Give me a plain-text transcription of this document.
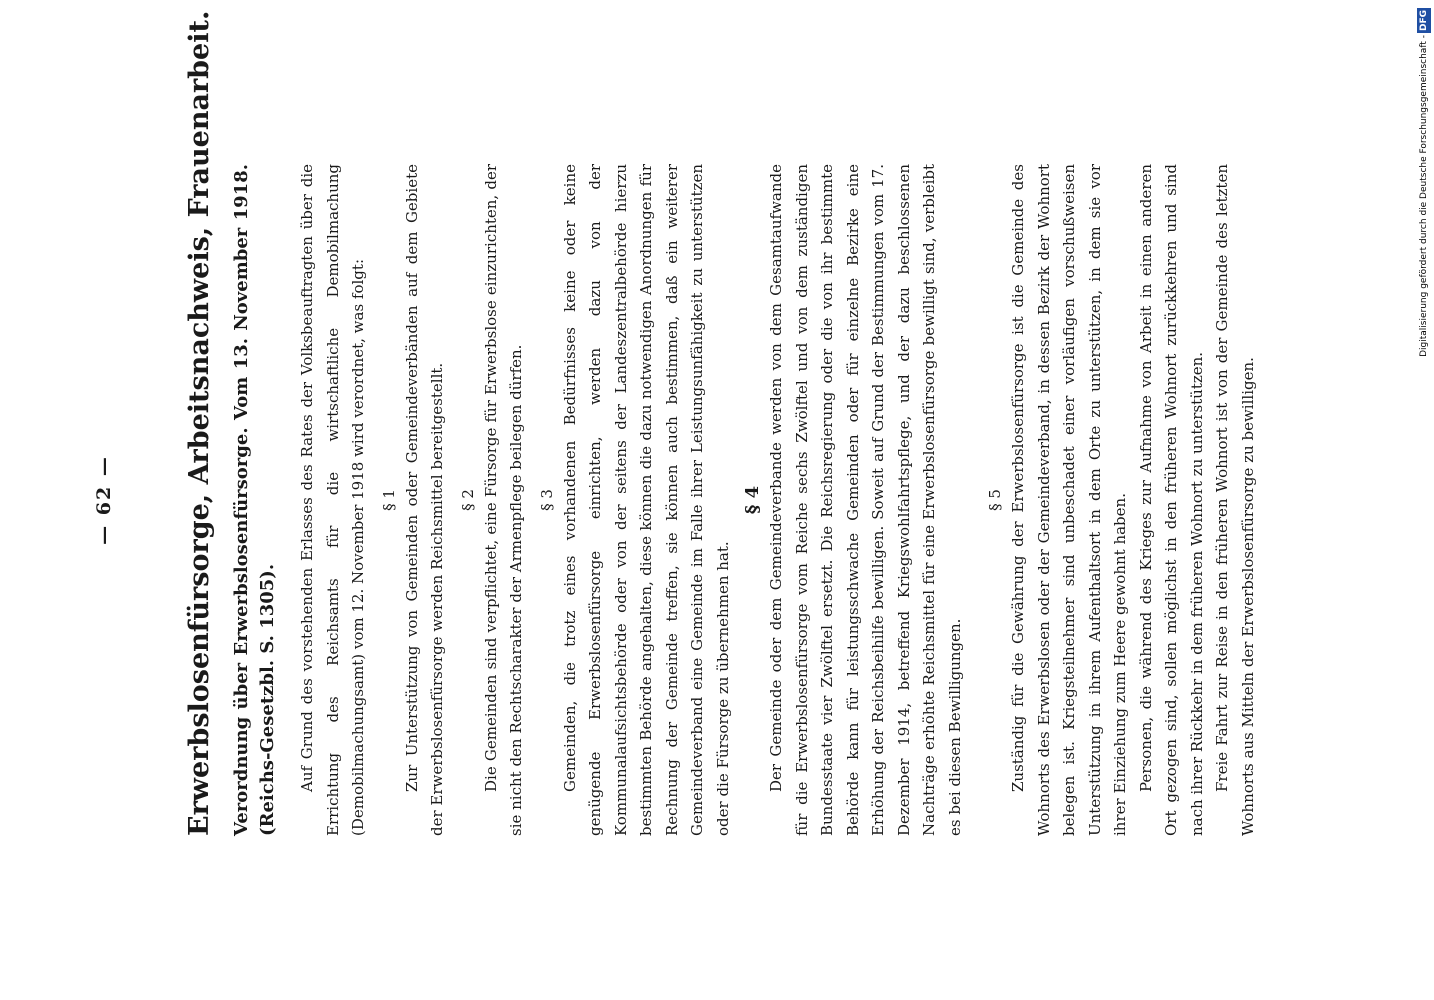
— 62 —	Erwerbslosenfürsorge, Arbeitsnachweis, Frauenarbeit. Verordnung über Erwerbslosenfürsorge. Vom 13. November 1918. (Reichs-Gesetzbl. S. 1305). Auf Grund des vorstehenden Erlasses des Rates der Volksbeauftragten über die Errichtung des Reichsamts für die wirtschaftliche Demobilmachung (Demobilmachungsamt) vom 12. November 1918 wird verordnet, was folgt: § 1 Zur Unterstützung von Gemeinden oder Gemeindeverbänden auf dem Gebiete der Erwerbslosenfürsorge werden Reichsmittel bereitgestellt. § 2 Die Gemeinden sind verpflichtet, eine Fürsorge für Erwerbslose einzurichten, der sie nicht den Rechtscharakter der Armenpflege beilegen dürfen. § 3 Gemeinden, die trotz eines vorhandenen Bedürfnisses keine oder keine genügende Erwerbslosenfürsorge einrichten, werden dazu von der Kommunalaufsichtsbehörde oder von der seitens der Landeszentralbehörde hierzu bestimmten Behörde angehalten, diese können die dazu notwendigen Anordnungen für Rechnung der Gemeinde treffen, sie können auch bestimmen, daß ein weiterer Gemeindeverband eine Gemeinde im Falle ihrer Leistungsunfähigkeit zu unterstützen oder die Fürsorge zu übernehmen hat.

§ 4 Der Gemeinde oder dem Gemeindeverbande werden von dem Gesamtaufwande für die Erwerbslosenfürsorge vom Reiche sechs Zwölftel und von dem zuständigen Bundesstaate vier Zwölftel ersetzt. Die Reichsregierung oder die von ihr bestimmte Behörde kann für leistungsschwache Gemeinden oder für einzelne Bezirke eine Erhöhung der Reichsbeihilfe bewilligen. Soweit auf Grund der Bestimmungen vom 17. Dezember 1914, betreffend Kriegswohlfahrtspflege, und der dazu beschlossenen Nachträge erhöhte Reichsmittel für eine Erwerbslosenfürsorge bewilligt sind, verbleibt es bei diesen Bewilligungen.

§ 5 Zuständig für die Gewährung der Erwerbslosenfürsorge ist die Gemeinde des Wohnorts des Erwerbslosen oder der Gemeindeverband, in dessen Bezirk der Wohnort belegen ist. Kriegsteilnehmer sind unbeschadet einer vorläufigen vorschußweisen Unterstützung in ihrem Aufenthaltsort in dem Orte zu unterstützen, in dem sie vor ihrer Einziehung zum Heere gewohnt haben. Personen, die während des Krieges zur Aufnahme von Arbeit in einen anderen Ort gezogen sind, sollen möglichst in den früheren Wohnort zurückkehren und sind nach ihrer Rückkehr in dem früheren Wohnort zu unterstützen. Freie Fahrt zur Reise in den früheren Wohnort ist von der Gemeinde des letzten Wohnorts aus Mitteln der Erwerbslosenfürsorge zu bewilligen.

Digitalisierung gefördert durch die Deutsche Forschungsgemeinschaft -DFG
